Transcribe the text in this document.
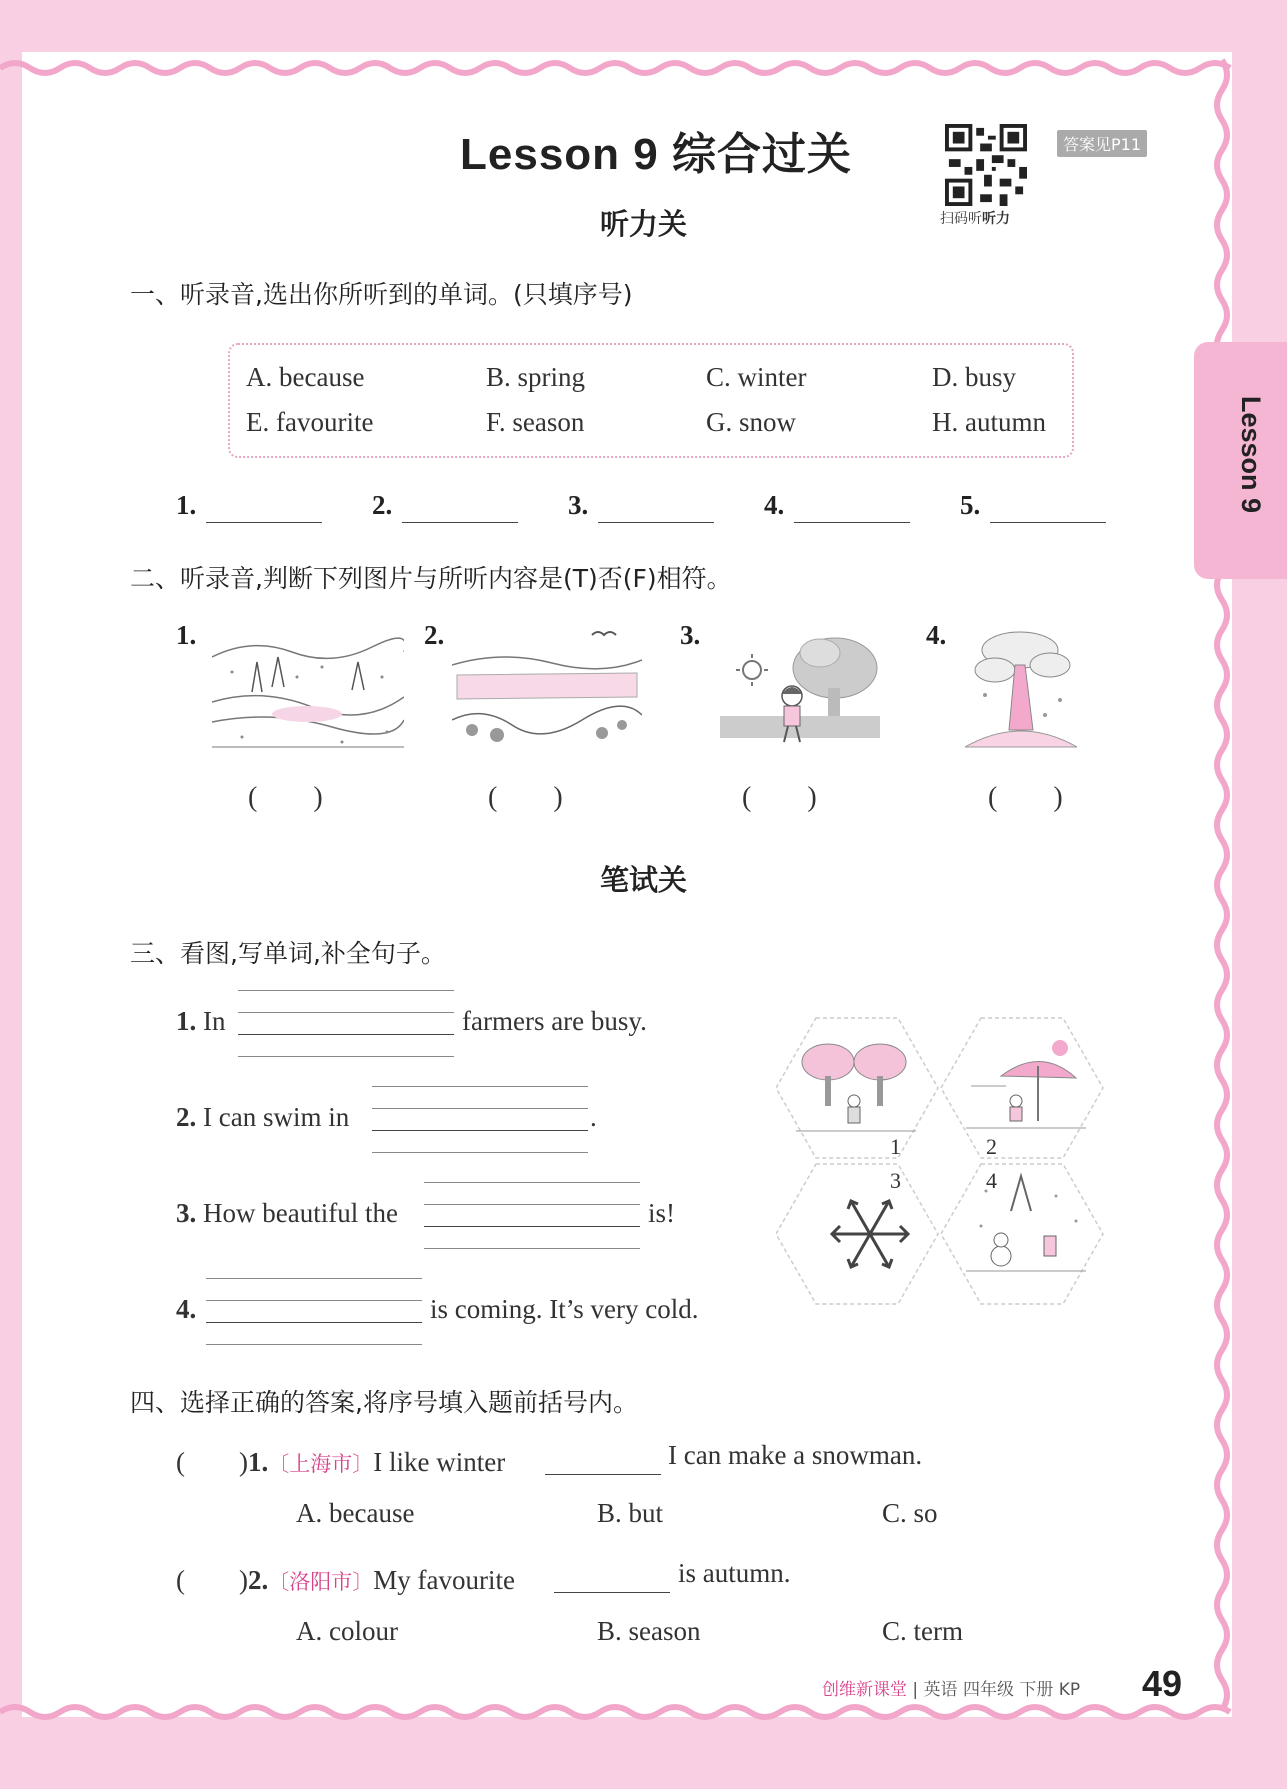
Lesson 9 综合过关
扫码听听力
答案见P11
Lesson 9
听力关
一、听录音,选出你所听到的单词。(只填序号)
A. because	B. spring	C. winter	D. busy
E. favourite	F. season	G. snow	H. autumn
1.	2.	3.	4.	5.
二、听录音,判断下列图片与所听内容是(T)否(F)相符。
1.
(　　)
2.
(　　)
3.
(　　)
4.
(　　)
笔试关
三、看图,写单词,补全句子。
1. In	farmers are busy.
2. I can swim in	.
3. How beautiful the	is!
4.	is coming. It’s very cold.
1	2
3	4
四、选择正确的答案,将序号填入题前括号内。
(　　)1.〔上海市〕I like winter	I can make a snowman.
A. because	B. but	C. so
(　　)2.〔洛阳市〕My favourite	is autumn.
A. colour	B. season	C. term
创维新课堂 | 英语 四年级 下册 KP 49
